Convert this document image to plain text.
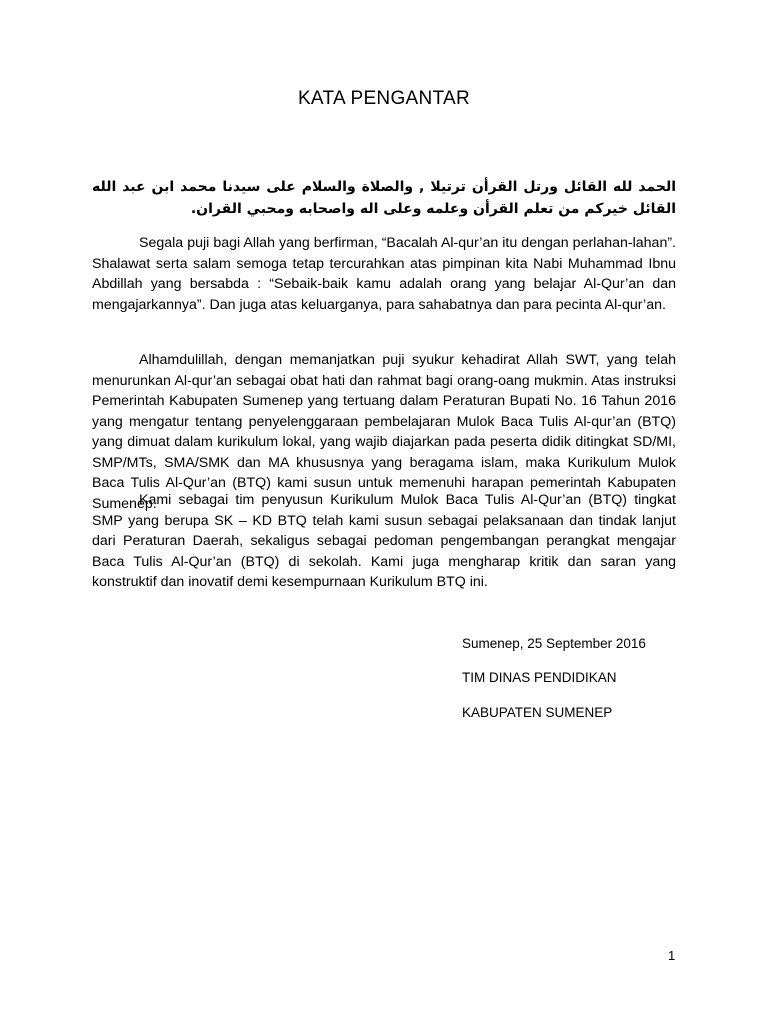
KATA PENGANTAR
الحمد لله القائل ورتل القرأن ترتيلا , والصلاة والسلام على سيدنا محمد ابن عبد الله القائل خيركم من تعلم القرأن وعلمه وعلى اله واصحابه ومحبي القران.

Segala puji bagi Allah yang berfirman, “Bacalah Al-qur’an itu dengan perlahan-lahan”. Shalawat serta salam semoga tetap tercurahkan atas pimpinan kita Nabi Muhammad Ibnu Abdillah yang bersabda : “Sebaik-baik kamu adalah orang yang belajar Al-Qur’an dan mengajarkannya”. Dan juga atas keluarganya, para sahabatnya dan para pecinta Al-qur’an.

Alhamdulillah, dengan memanjatkan puji syukur kehadirat Allah SWT, yang telah menurunkan Al-qur’an sebagai obat hati dan rahmat bagi orang-oang mukmin. Atas instruksi Pemerintah Kabupaten Sumenep yang tertuang dalam Peraturan Bupati No. 16 Tahun 2016 yang mengatur tentang penyelenggaraan pembelajaran Mulok Baca Tulis Al-qur’an (BTQ) yang dimuat dalam kurikulum lokal, yang wajib diajarkan pada peserta didik ditingkat SD/MI, SMP/MTs, SMA/SMK dan MA khususnya yang beragama islam, maka Kurikulum Mulok Baca Tulis Al-Qur’an (BTQ) kami susun untuk memenuhi harapan pemerintah Kabupaten Sumenep.

Kami sebagai tim penyusun Kurikulum Mulok Baca Tulis Al-Qur’an (BTQ) tingkat SMP yang berupa SK – KD BTQ telah kami susun sebagai pelaksanaan dan tindak lanjut dari Peraturan Daerah, sekaligus sebagai pedoman pengembangan perangkat mengajar Baca Tulis Al-Qur’an (BTQ) di sekolah. Kami juga mengharap kritik dan saran yang konstruktif dan inovatif demi kesempurnaan Kurikulum BTQ ini.

Sumenep, 25 September 2016
TIM DINAS PENDIDIKAN
KABUPATEN SUMENEP
1
